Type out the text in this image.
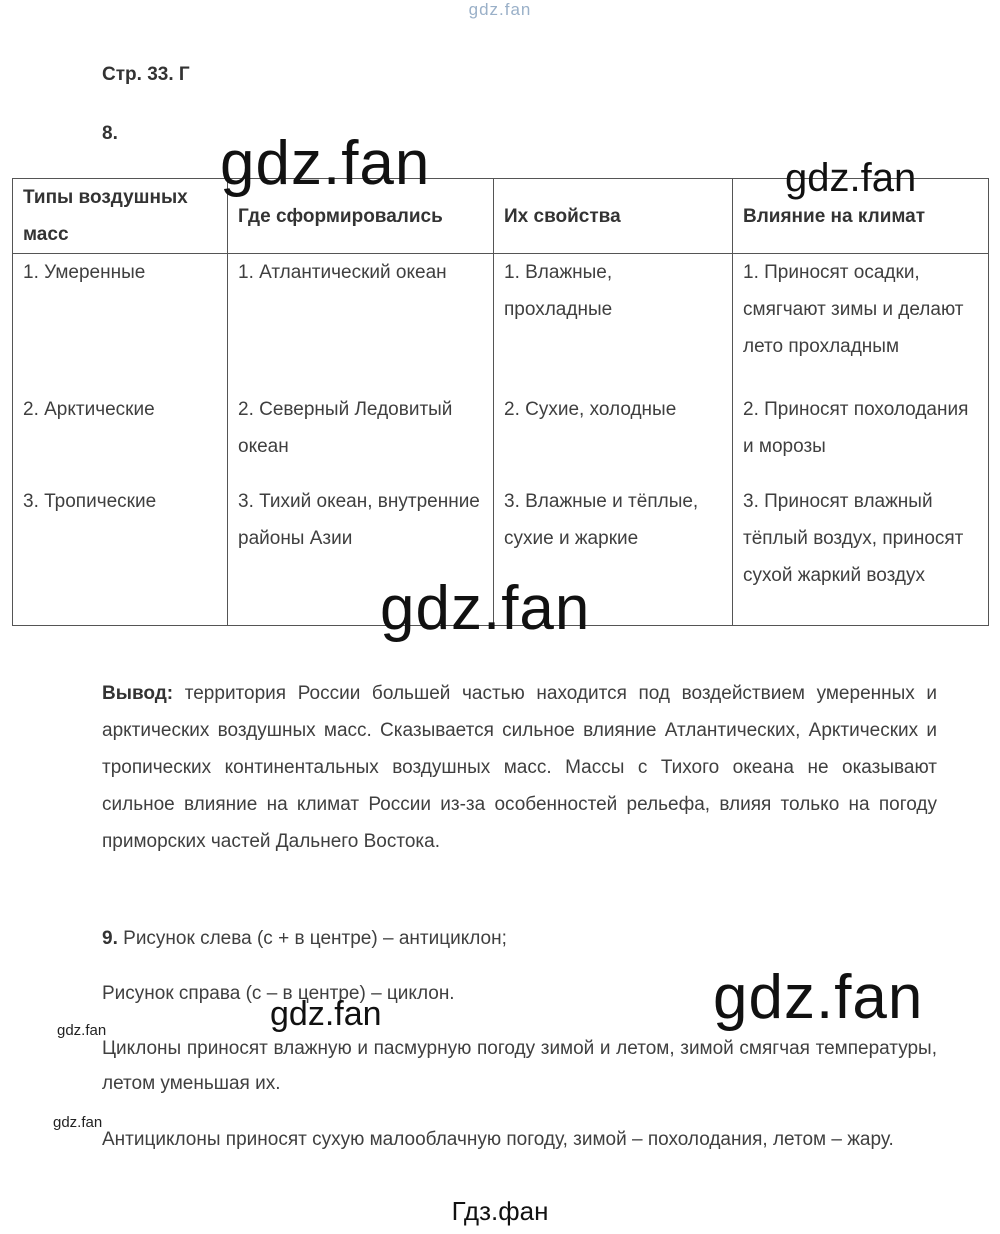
gdz.fan
Стр. 33. Г
8.
Типы воздушных масс	Где сформировались	Их свойства	Влияние на климат
1. Умеренные	1. Атлантический океан	1. Влажные, прохладные	1. Приносят осадки, смягчают зимы и делают лето прохладным
2. Арктические	2. Северный Ледовитый океан	2. Сухие, холодные	2. Приносят похолодания и морозы
3. Тропические	3. Тихий океан, внутренние районы Азии	3. Влажные и тёплые, сухие и жаркие	3. Приносят влажный тёплый воздух, приносят сухой жаркий воздух
Вывод: территория России большей частью находится под воздействием умеренных и арктических воздушных масс. Сказывается сильное влияние Атлантических, Арктических и тропических континентальных воздушных масс. Массы с Тихого океана не оказывают сильное влияние на климат России из-за особенностей рельефа, влияя только на погоду приморских частей Дальнего Востока.
9. Рисунок слева (с + в центре) – антициклон;
Рисунок справа (с – в центре) – циклон.
Циклоны приносят влажную и пасмурную погоду зимой и летом, зимой смягчая температуры, летом уменьшая их.
Антициклоны приносят сухую малооблачную погоду, зимой – похолодания, летом – жару.
gdz.fan	gdz.fan
gdz.fan
gdz.fan
gdz.fan
gdz.fan
gdz.fan
Гдз.фан
